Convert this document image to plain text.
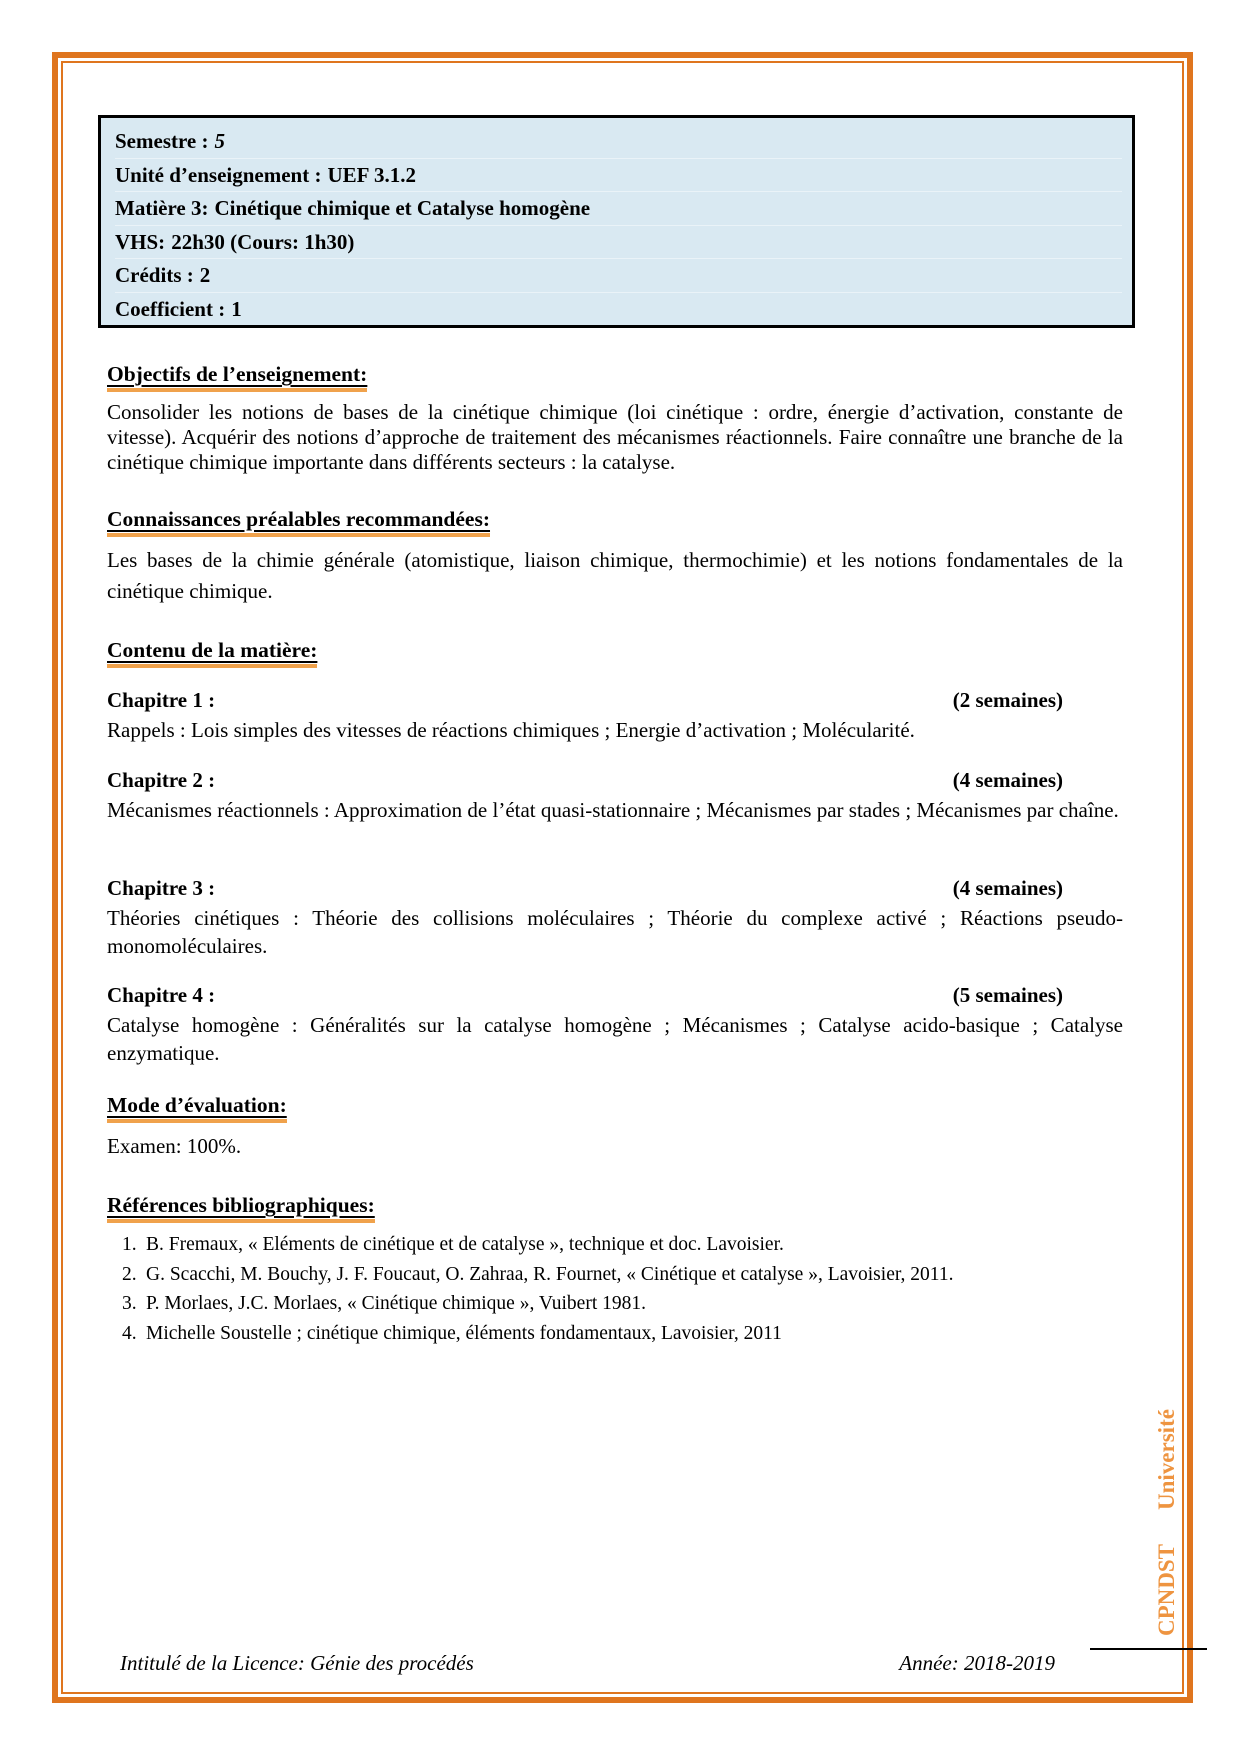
Semestre : 5
Unité d’enseignement : UEF 3.1.2
Matière 3: Cinétique chimique et Catalyse homogène
VHS: 22h30 (Cours: 1h30)
Crédits : 2
Coefficient : 1
Objectifs de l’enseignement:

Consolider les notions de bases de la cinétique chimique (loi cinétique : ordre, énergie d’activation, constante de vitesse). Acquérir des notions d’approche de traitement des mécanismes réactionnels. Faire connaître une branche de la cinétique chimique importante dans différents secteurs : la catalyse.

Connaissances préalables recommandées:

Les bases de la chimie générale (atomistique, liaison chimique, thermochimie) et les notions fondamentales de la cinétique chimique.

Contenu de la matière:
Chapitre 1 :	(2 semaines)

Rappels : Lois simples des vitesses de réactions chimiques ; Energie d’activation ; Molécularité.

Chapitre 2 :	(4 semaines)

Mécanismes réactionnels : Approximation de l’état quasi-stationnaire ; Mécanismes par stades ; Mécanismes par chaîne.

Chapitre 3 :	(4 semaines)

Théories cinétiques : Théorie des collisions moléculaires ; Théorie du complexe activé ; Réactions pseudo-monomoléculaires.

Chapitre 4 :	(5 semaines)

Catalyse homogène : Généralités sur la catalyse homogène ; Mécanismes ; Catalyse acido-basique ; Catalyse enzymatique.

Mode d’évaluation:

Examen: 100%.

Références bibliographiques:
1. B. Fremaux, « Eléments de cinétique et de catalyse », technique et doc. Lavoisier.
2. G. Scacchi, M. Bouchy, J. F. Foucaut, O. Zahraa, R. Fournet, « Cinétique et catalyse », Lavoisier, 2011.
3. P. Morlaes, J.C. Morlaes, « Cinétique chimique », Vuibert 1981.
4. Michelle Soustelle ; cinétique chimique, éléments fondamentaux, Lavoisier, 2011
CPNDSTUniversité
Intitulé de la Licence: Génie des procédés	Année: 2018-2019
